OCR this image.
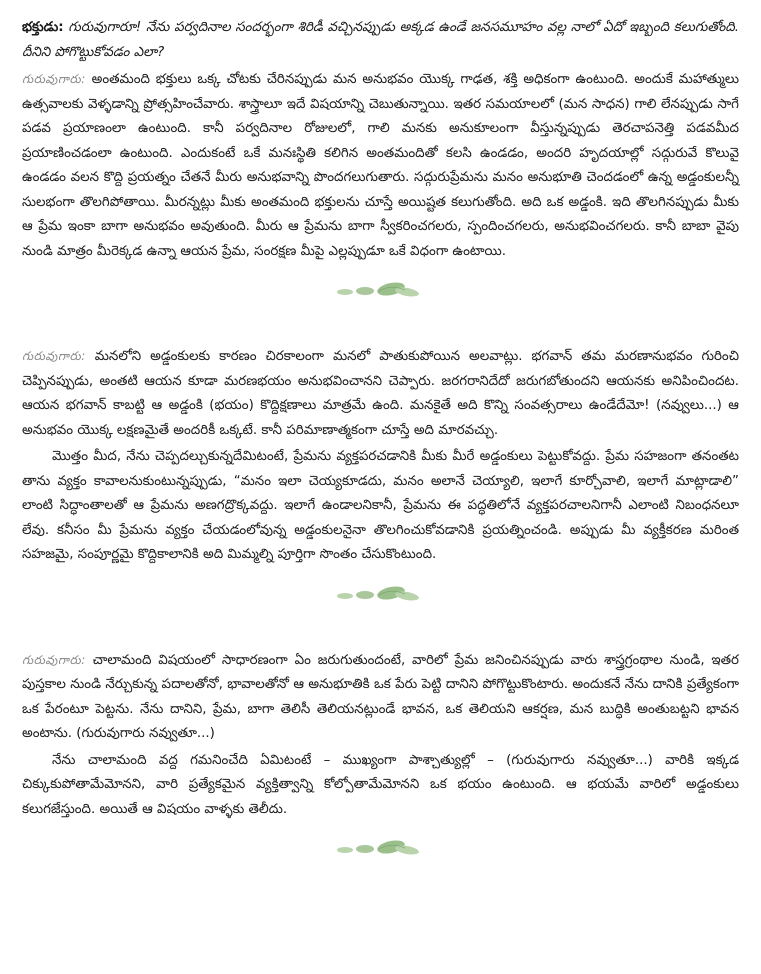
భక్తుడు: గురువుగారూ! నేను పర్వదినాల సందర్భంగా శిరిడీ వచ్చినప్పుడు అక్కడ ఉండే జనసమూహం వల్ల నాలో ఏదో ఇబ్బంది కలుగుతోంది. దీనిని పోగొట్టుకోవడం ఎలా?

గురువుగారు: అంతమంది భక్తులు ఒక్క చోటకు చేరినప్పుడు మన అనుభవం యొక్క గాఢత, శక్తి అధికంగా ఉంటుంది. అందుకే మహాత్ములు ఉత్సవాలకు వెళ్ళడాన్ని ప్రోత్సహించేవారు. శాస్త్రాలూ ఇదే విషయాన్ని చెబుతున్నాయి. ఇతర సమయాలలో (మన సాధన) గాలి లేనప్పుడు సాగే పడవ ప్రయాణంలా ఉంటుంది. కానీ పర్వదినాల రోజులలో, గాలి మనకు అనుకూలంగా వీస్తున్నప్పుడు తెరచాపనెత్తి పడవమీద ప్రయాణించడంలా ఉంటుంది. ఎందుకంటే ఒకే మనఃస్థితి కలిగిన అంతమందితో కలసి ఉండడం, అందరి హృదయాల్లో సద్గురువే కొలువై ఉండడం వలన కొద్ది ప్రయత్నం చేతనే మీరు అనుభవాన్ని పొందగలుగుతారు. సద్గురుప్రేమను మనం అనుభూతి చెందడంలో ఉన్న అడ్డంకులన్నీ సులభంగా తొలగిపోతాయి. మీరన్నట్లు మీకు అంతమంది భక్తులను చూస్తే అయిష్టత కలుగుతోంది. అది ఒక అడ్డంకి. ఇది తొలగినప్పుడు మీకు ఆ ప్రేమ ఇంకా బాగా అనుభవం అవుతుంది. మీరు ఆ ప్రేమను బాగా స్వీకరించగలరు, స్పందించగలరు, అనుభవించగలరు. కానీ బాబా వైపు నుండి మాత్రం మీరెక్కడ ఉన్నా ఆయన ప్రేమ, సంరక్షణ మీపై ఎల్లప్పుడూ ఒకే విధంగా ఉంటాయి.

గురువుగారు: మనలోని అడ్డంకులకు కారణం చిరకాలంగా మనలో పాతుకుపోయిన అలవాట్లు. భగవాన్ తమ మరణానుభవం గురించి చెప్పినప్పుడు, అంతటి ఆయన కూడా మరణభయం అనుభవించానని చెప్పారు. జరగరానిదేదో జరుగబోతుందని ఆయనకు అనిపించిందట. ఆయన భగవాన్ కాబట్టి ఆ అడ్డంకి (భయం) కొద్దిక్షణాలు మాత్రమే ఉంది. మనకైతే అది కొన్ని సంవత్సరాలు ఉండేదేమో! (నవ్వులు...) ఆ అనుభవం యొక్క లక్షణమైతే అందరికీ ఒక్కటే. కానీ పరిమాణాత్మకంగా చూస్తే అది మారవచ్చు.

మొత్తం మీద, నేను చెప్పదల్చుకున్నదేమిటంటే, ప్రేమను వ్యక్తపరచడానికి మీకు మీరే అడ్డంకులు పెట్టుకోవద్దు. ప్రేమ సహజంగా తనంతట తాను వ్యక్తం కావాలనుకుంటున్నప్పుడు, “మనం ఇలా చెయ్యకూడదు, మనం అలానే చెయ్యాలి, ఇలాగే కూర్చోవాలి, ఇలాగే మాట్లాడాలి” లాంటి సిద్ధాంతాలతో ఆ ప్రేమను అణగద్రొక్కవద్దు. ఇలాగే ఉండాలనికానీ, ప్రేమను ఈ పద్ధతిలోనే వ్యక్తపరచాలనిగానీ ఎలాంటి నిబంధనలూ లేవు. కనీసం మీ ప్రేమను వ్యక్తం చేయడంలోవున్న అడ్డంకులనైనా తొలగించుకోవడానికి ప్రయత్నించండి. అప్పుడు మీ వ్యక్తీకరణ మరింత సహజమై, సంపూర్ణమై కొద్దికాలానికి అది మిమ్మల్ని పూర్తిగా సొంతం చేసుకొంటుంది.

గురువుగారు: చాలామంది విషయంలో సాధారణంగా ఏం జరుగుతుందంటే, వారిలో ప్రేమ జనించినప్పుడు వారు శాస్త్రగ్రంథాల నుండి, ఇతర పుస్తకాల నుండి నేర్చుకున్న పదాలతోనో, భావాలతోనో ఆ అనుభూతికి ఒక పేరు పెట్టి దానిని పోగొట్టుకొంటారు. అందుకనే నేను దానికి ప్రత్యేకంగా ఒక పేరంటూ పెట్టను. నేను దానిని, ప్రేమ, బాగా తెలిసీ తెలియనట్లుండే భావన, ఒక తెలియని ఆకర్షణ, మన బుద్ధికి అంతుబట్టని భావన అంటాను. (గురువుగారు నవ్వుతూ...)

నేను చాలామంది వద్ద గమనించేది ఏమిటంటే – ముఖ్యంగా పాశ్చాత్యుల్లో – (గురువుగారు నవ్వుతూ...) వారికి ఇక్కడ చిక్కుకుపోతామేమోనని, వారి ప్రత్యేకమైన వ్యక్తిత్వాన్ని కోల్పోతామేమోనని ఒక భయం ఉంటుంది. ఆ భయమే వారిలో అడ్డంకులు కలుగజేస్తుంది. అయితే ఆ విషయం వాళ్ళకు తెలీదు.
